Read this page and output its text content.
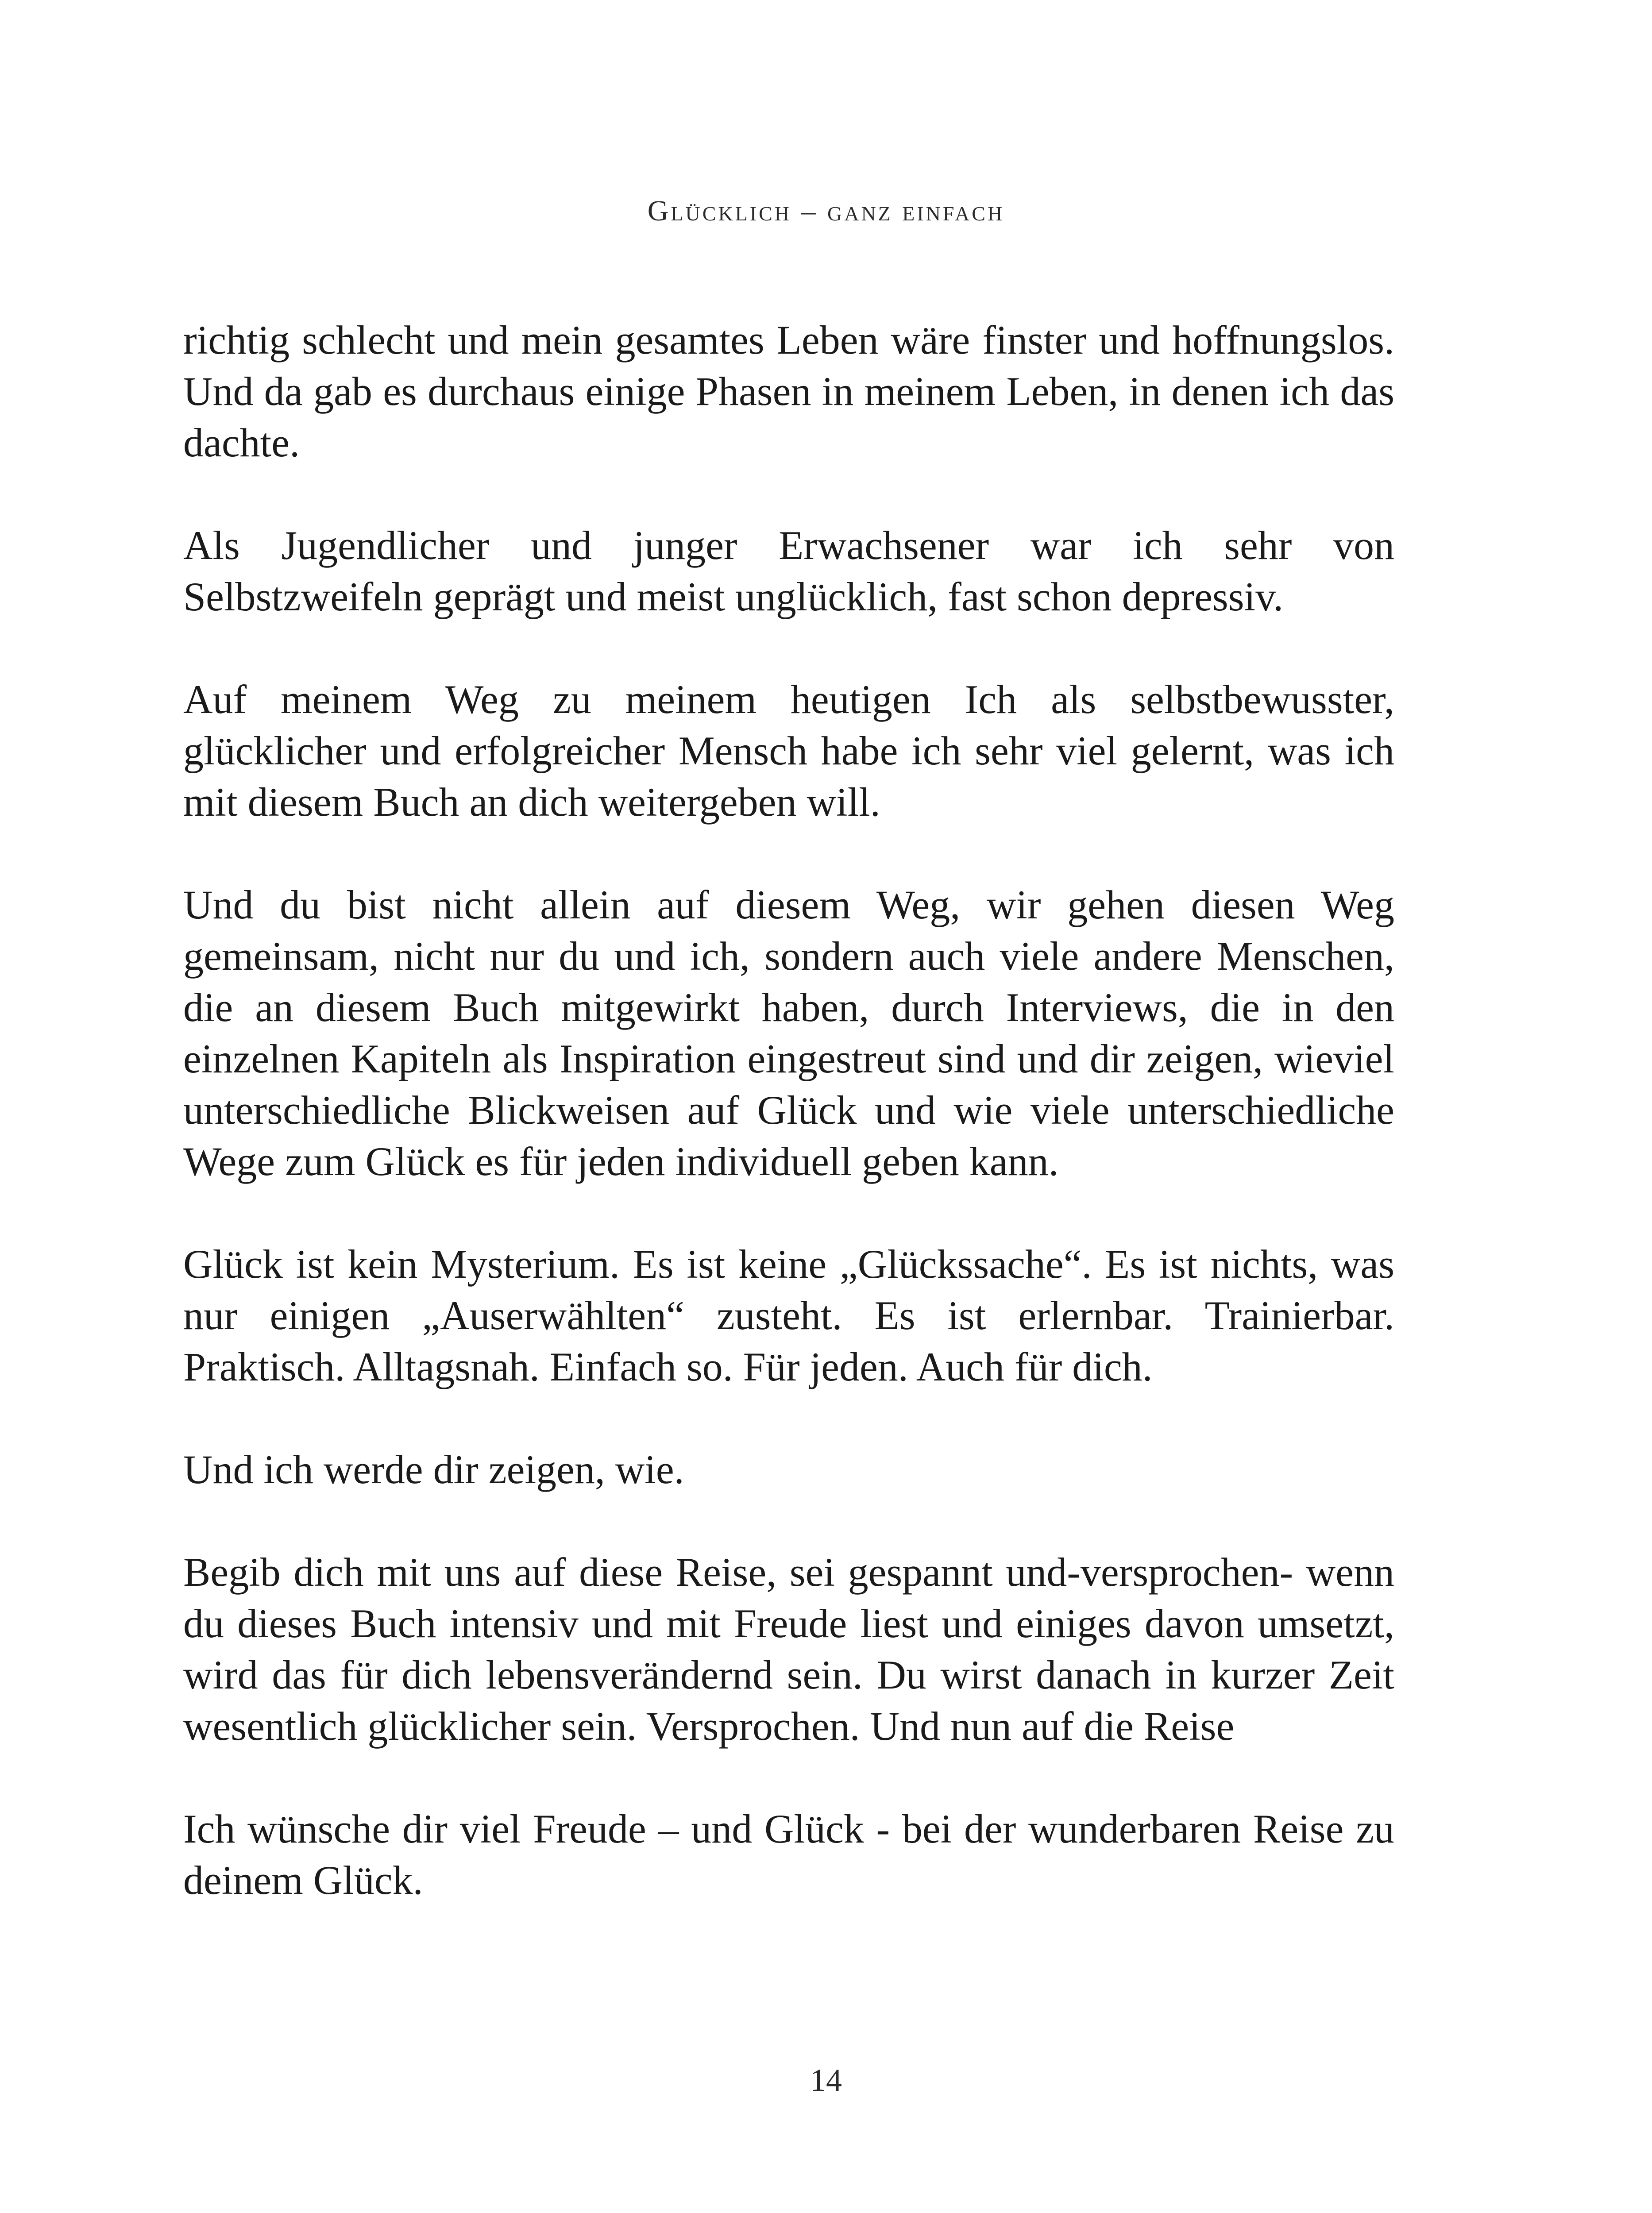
Glücklich – ganz einfach

richtig schlecht und mein gesamtes Leben wäre finster und hoffnungslos. Und da gab es durchaus einige Phasen in meinem Leben, in denen ich das dachte.

Als Jugendlicher und junger Erwachsener war ich sehr von Selbstzweifeln geprägt und meist unglücklich, fast schon depressiv.

Auf meinem Weg zu meinem heutigen Ich als selbstbewusster, glücklicher und erfolgreicher Mensch habe ich sehr viel gelernt, was ich mit diesem Buch an dich weitergeben will.

Und du bist nicht allein auf diesem Weg, wir gehen diesen Weg gemeinsam, nicht nur du und ich, sondern auch viele andere Menschen, die an diesem Buch mitgewirkt haben, durch Interviews, die in den einzelnen Kapiteln als Inspiration eingestreut sind und dir zeigen, wieviel unterschiedliche Blickweisen auf Glück und wie viele unterschiedliche Wege zum Glück es für jeden individuell geben kann.

Glück ist kein Mysterium. Es ist keine „Glückssache“. Es ist nichts, was nur einigen „Auserwählten“ zusteht. Es ist erlernbar. Trainierbar. Praktisch. Alltagsnah. Einfach so. Für jeden. Auch für dich.

Und ich werde dir zeigen, wie.

Begib dich mit uns auf diese Reise, sei gespannt und-versprochen- wenn du dieses Buch intensiv und mit Freude liest und einiges davon umsetzt, wird das für dich lebensverändernd sein. Du wirst danach in kurzer Zeit wesentlich glücklicher sein. Versprochen. Und nun auf die Reise

Ich wünsche dir viel Freude – und Glück - bei der wunderbaren Reise zu deinem Glück.

14
